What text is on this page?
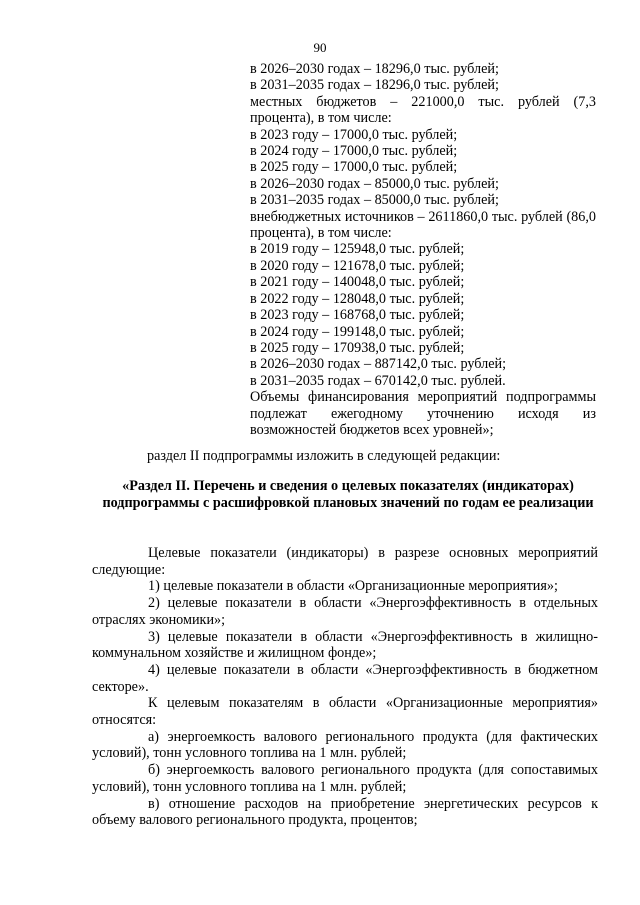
90
в 2026–2030 годах – 18296,0 тыс. рублей;
в 2031–2035 годах – 18296,0 тыс. рублей;
местных бюджетов – 221000,0 тыс. рублей (7,3 процента), в том числе:
в 2023 году – 17000,0 тыс. рублей;
в 2024 году – 17000,0 тыс. рублей;
в 2025 году – 17000,0 тыс. рублей;
в 2026–2030 годах – 85000,0 тыс. рублей;
в 2031–2035 годах – 85000,0 тыс. рублей;
внебюджетных источников – 2611860,0 тыс. рублей (86,0 процента), в том числе:
в 2019 году – 125948,0 тыс. рублей;
в 2020 году – 121678,0 тыс. рублей;
в 2021 году – 140048,0 тыс. рублей;
в 2022 году – 128048,0 тыс. рублей;
в 2023 году – 168768,0 тыс. рублей;
в 2024 году – 199148,0 тыс. рублей;
в 2025 году – 170938,0 тыс. рублей;
в 2026–2030 годах – 887142,0 тыс. рублей;
в 2031–2035 годах – 670142,0 тыс. рублей.
Объемы финансирования мероприятий подпрограммы подлежат ежегодному уточнению исходя из возможностей бюджетов всех уровней»;
раздел II подпрограммы изложить в следующей редакции:
«Раздел II. Перечень и сведения о целевых показателях (индикаторах) подпрограммы с расшифровкой плановых значений по годам ее реализации

Целевые показатели (индикаторы) в разрезе основных мероприятий следующие:

1) целевые показатели в области «Организационные мероприятия»;

2) целевые показатели в области «Энергоэффективность в отдельных отраслях экономики»;

3) целевые показатели в области «Энергоэффективность в жилищно-коммунальном хозяйстве и жилищном фонде»;

4) целевые показатели в области «Энергоэффективность в бюджетном секторе».

К целевым показателям в области «Организационные мероприятия» относятся:

а) энергоемкость валового регионального продукта (для фактических условий), тонн условного топлива на 1 млн. рублей;

б) энергоемкость валового регионального продукта (для сопоставимых условий), тонн условного топлива на 1 млн. рублей;

в) отношение расходов на приобретение энергетических ресурсов к объему валового регионального продукта, процентов;
